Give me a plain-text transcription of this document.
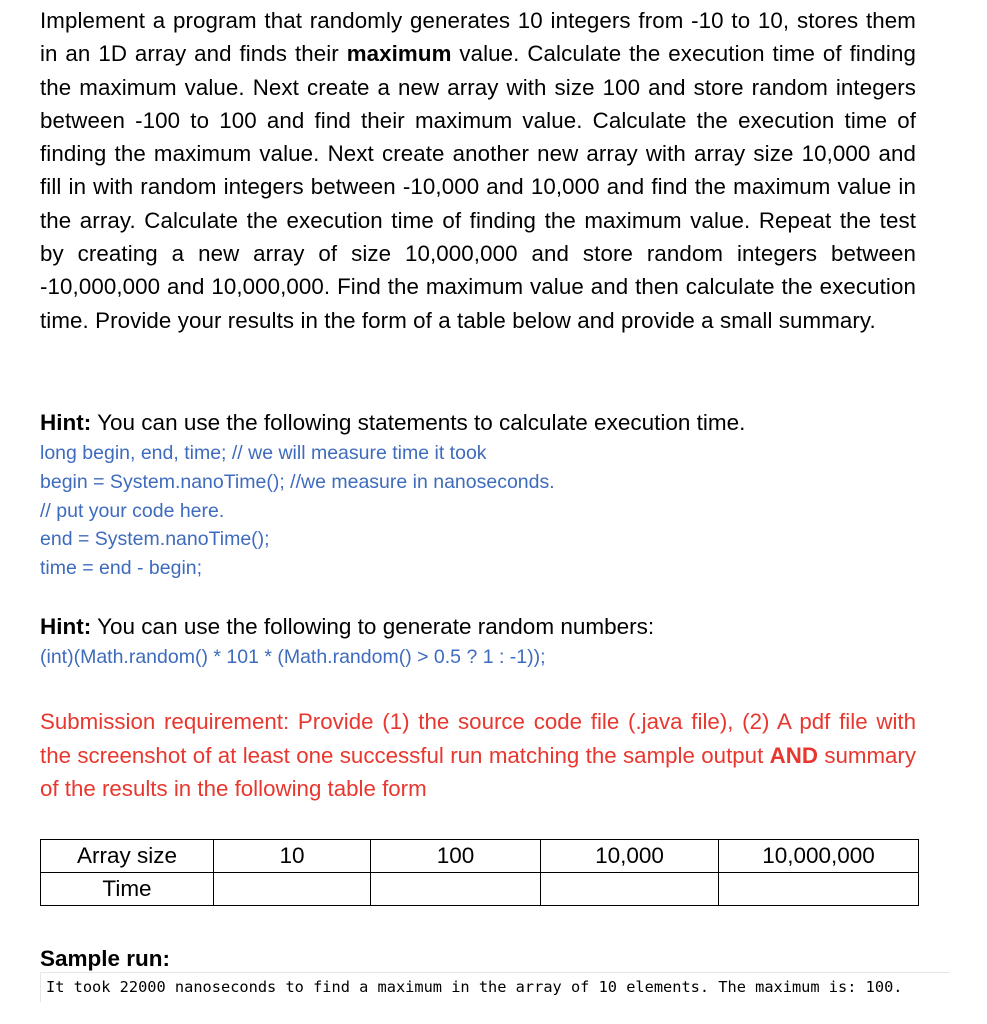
Implement a program that randomly generates 10 integers from -10 to 10, stores them in an 1D array and finds their maximum value. Calculate the execution time of finding the maximum value. Next create a new array with size 100 and store random integers between -100 to 100 and find their maximum value. Calculate the execution time of finding the maximum value. Next create another new array with array size 10,000 and fill in with random integers between -10,000 and 10,000 and find the maximum value in the array. Calculate the execution time of finding the maximum value. Repeat the test by creating a new array of size 10,000,000 and store random integers between -10,000,000 and 10,000,000. Find the maximum value and then calculate the execution time. Provide your results in the form of a table below and provide a small summary.
Hint: You can use the following statements to calculate execution time.
long begin, end, time; // we will measure time it took
begin = System.nanoTime(); //we measure in nanoseconds.
// put your code here.
end = System.nanoTime();
time = end - begin;
Hint: You can use the following to generate random numbers:
(int)(Math.random() * 101 * (Math.random() > 0.5 ? 1 : -1));
Submission requirement: Provide (1) the source code file (.java file), (2) A pdf file with the screenshot of at least one successful run matching the sample output AND summary of the results in the following table form
Array size	10	100	10,000	10,000,000
Time				
Sample run:
It took 22000 nanoseconds to find a maximum in the array of 10 elements. The maximum is: 100.
